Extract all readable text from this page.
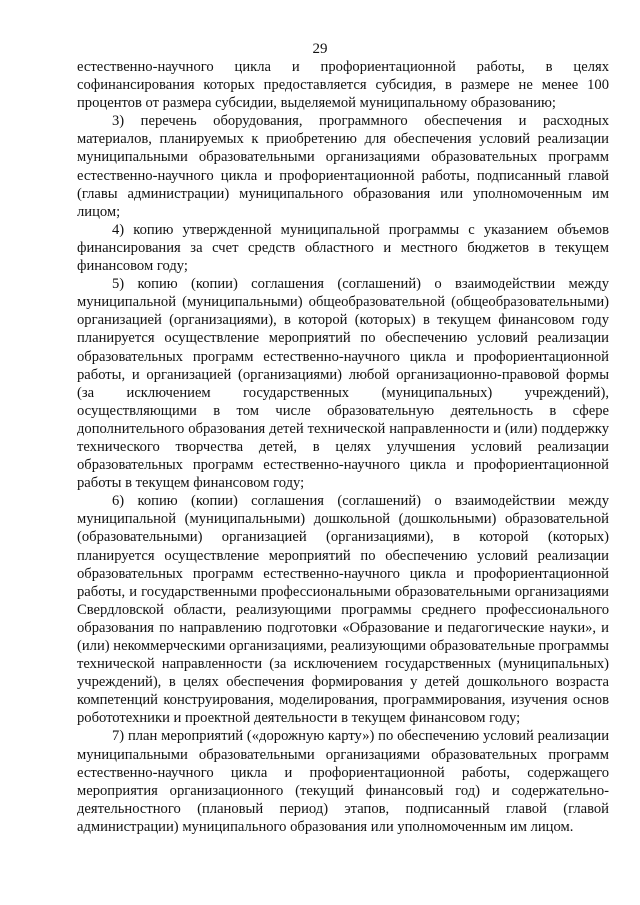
29

естественно-научного цикла и профориентационной работы, в целях софинансирования которых предоставляется субсидия, в размере не менее 100 процентов от размера субсидии, выделяемой муниципальному образованию;

3) перечень оборудования, программного обеспечения и расходных материалов, планируемых к приобретению для обеспечения условий реализации муниципальными образовательными организациями образовательных программ естественно-научного цикла и профориентационной работы, подписанный главой (главы администрации) муниципального образования или уполномоченным им лицом;

4) копию утвержденной муниципальной программы с указанием объемов финансирования за счет средств областного и местного бюджетов в текущем финансовом году;

5) копию (копии) соглашения (соглашений) о взаимодействии между муниципальной (муниципальными) общеобразовательной (общеобразовательными) организацией (организациями), в которой (которых) в текущем финансовом году планируется осуществление мероприятий по обеспечению условий реализации образовательных программ естественно-научного цикла и профориентационной работы, и организацией (организациями) любой организационно-правовой формы (за исключением государственных (муниципальных) учреждений), осуществляющими в том числе образовательную деятельность в сфере дополнительного образования детей технической направленности и (или) поддержку технического творчества детей, в целях улучшения условий реализации образовательных программ естественно-научного цикла и профориентационной работы в текущем финансовом году;

6) копию (копии) соглашения (соглашений) о взаимодействии между муниципальной (муниципальными) дошкольной (дошкольными) образовательной (образовательными) организацией (организациями), в которой (которых) планируется осуществление мероприятий по обеспечению условий реализации образовательных программ естественно-научного цикла и профориентационной работы, и государственными профессиональными образовательными организациями Свердловской области, реализующими программы среднего профессионального образования по направлению подготовки «Образование и педагогические науки», и (или) некоммерческими организациями, реализующими образовательные программы технической направленности (за исключением государственных (муниципальных) учреждений), в целях обеспечения формирования у детей дошкольного возраста компетенций конструирования, моделирования, программирования, изучения основ робототехники и проектной деятельности в текущем финансовом году;

7) план мероприятий («дорожную карту») по обеспечению условий реализации муниципальными образовательными организациями образовательных программ естественно-научного цикла и профориентационной работы, содержащего мероприятия организационного (текущий финансовый год) и содержательно-деятельностного (плановый период) этапов, подписанный главой (главой администрации) муниципального образования или уполномоченным им лицом.
